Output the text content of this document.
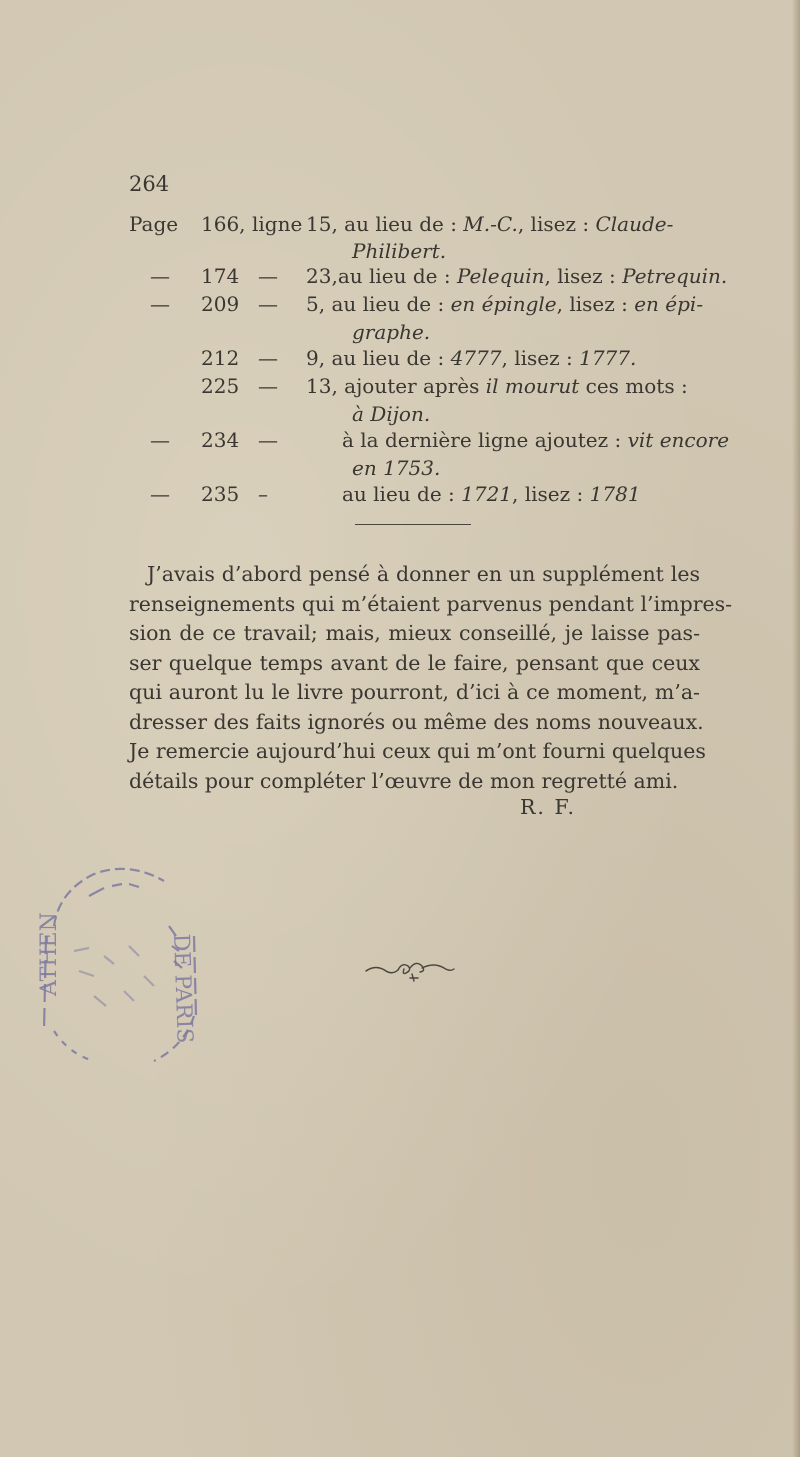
264
Page 166, ligne 15, au lieu de : M.-C., lisez : Claude-
Philibert.
— 174 — 23,au lieu de : Pelequin, lisez : Petrequin.
— 209 — 5, au lieu de : en épingle, lisez : en épi-
graphe.
212 — 9, au lieu de : 4777, lisez : 1777.
225 — 13, ajouter après il mourut ces mots :
à Dijon.
— 234 —	à la dernière ligne ajoutez : vit encore
en 1753.
— 235 –	au lieu de : 1721, lisez : 1781
J’avais d’abord pensé à donner en un supplément les
renseignements qui m’étaient parvenus pendant l’impres-
sion de ce travail; mais, mieux conseillé, je laisse pas-
ser quelque temps avant de le faire, pensant que ceux
qui auront lu le livre pourront, d’ici à ce moment, m’a-
dresser des faits ignorés ou même des noms nouveaux.
Je remercie aujourd’hui ceux qui m’ont fourni quelques
détails pour compléter l’œuvre de mon regretté ami.
R. F.
ATHEN	DE PARIS
